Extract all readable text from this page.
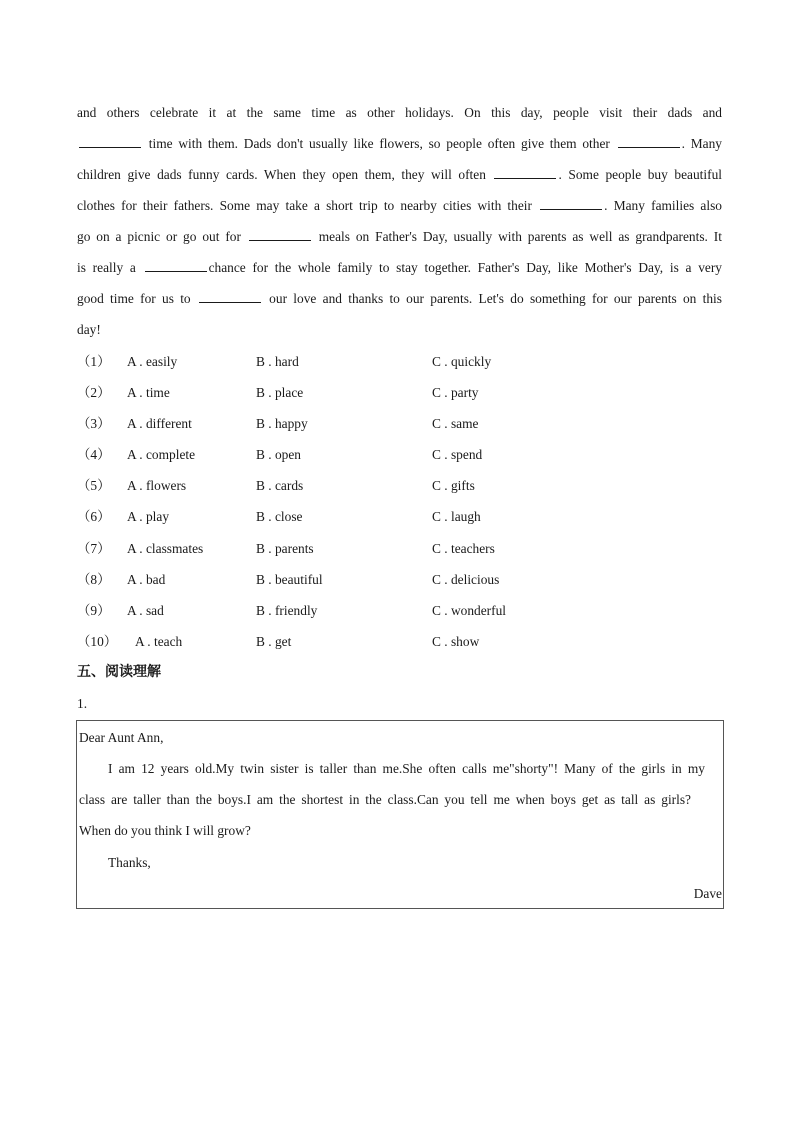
and others celebrate it at the same time as other holidays. On this day, people visit their dads and
time with them. Dads don't usually like flowers, so people often give them other	. Many
children give dads funny cards. When they open them, they will often	. Some people buy beautiful
clothes for their fathers. Some may take a short trip to nearby cities with their	. Many families also
go on a picnic or go out for	meals on Father's Day, usually with parents as well as grandparents. It
is really a	chance for the whole family to stay together. Father's Day, like Mother's Day, is a very
good time for us to	our love and thanks to our parents. Let's do something for our parents on this
day!
（1） A . easily	B . hard	C . quickly
（2） A . time	B . place	C . party
（3） A . different	B . happy	C . same
（4） A . complete	B . open	C . spend
（5） A . flowers	B . cards	C . gifts
（6） A . play	B . close	C . laugh
（7） A . classmates	B . parents	C . teachers
（8） A . bad	B . beautiful	C . delicious
（9） A . sad	B . friendly	C . wonderful
（10） A . teach	B . get	C . show
五、阅读理解
1.
Dear Aunt Ann,
I am 12 years old.My twin sister is taller than me.She often calls me"shorty"! Many of the girls in my
class are taller than the boys.I am the shortest in the class.Can you tell me when boys get as tall as girls?
When do you think I will grow?
Thanks,
Dave
